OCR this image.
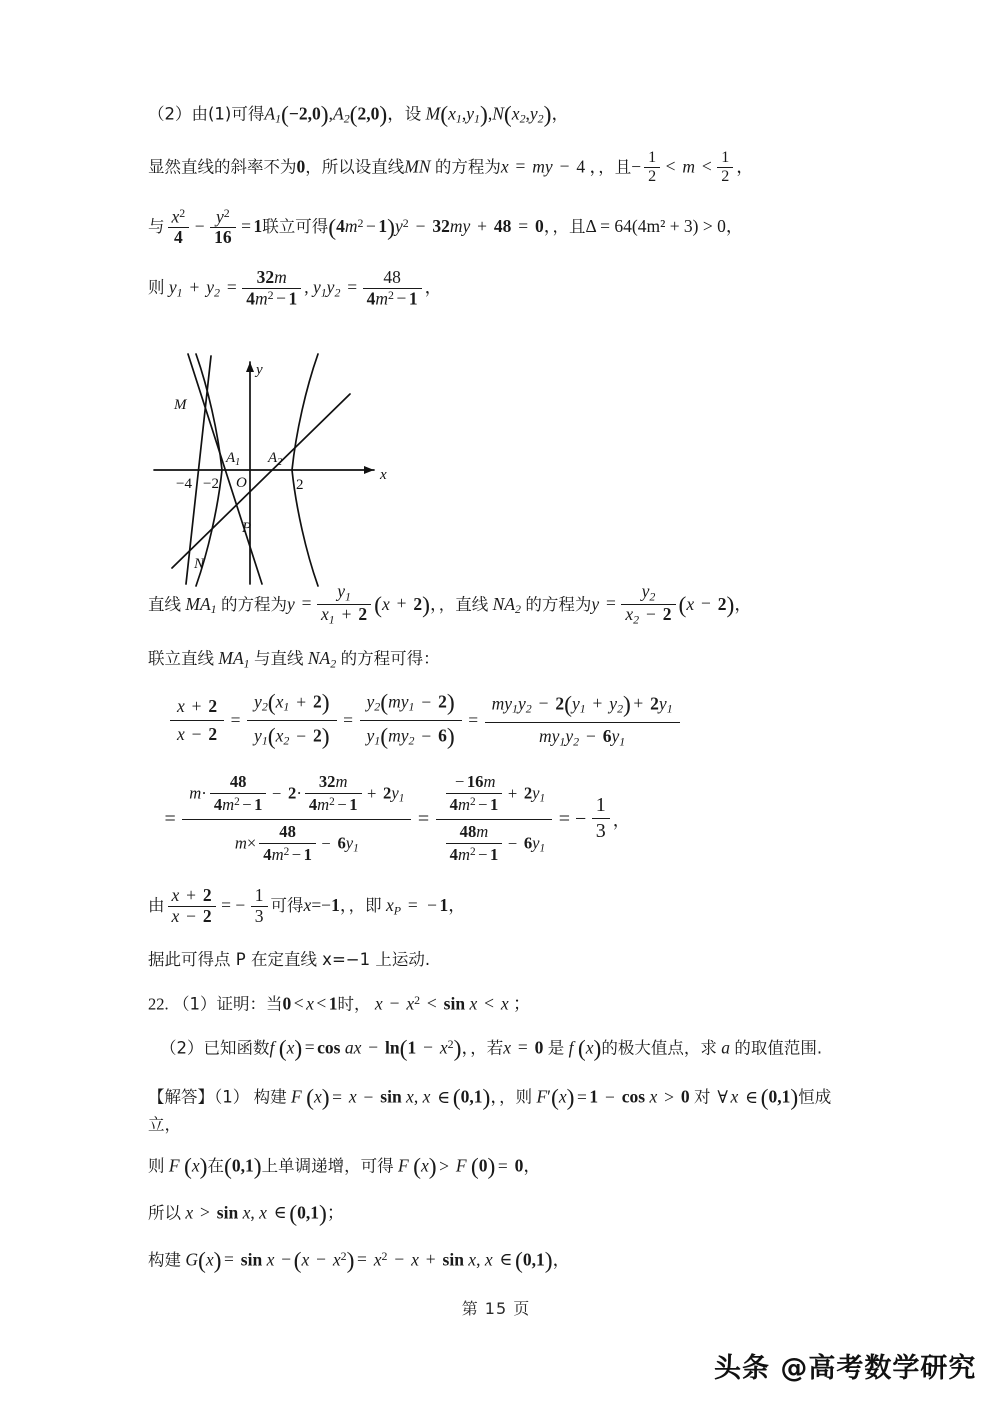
（2）由(1)可得$A_1(-2,0),A_2(2,0)$，设 $M(x_1,y_1),N(x_2,y_2)$，
显然直线的斜率不为0，所以设直线MN 的方程为x = my − 4 ，，且− $\frac{1}{2} < m < \frac{1}{2}$ ，
与 $\frac{x^2}{4} - \frac{y^2}{16} = 1$联立可得$(4m^2 - 1)y^2 - 32my + 48 = 0$，，且Δ = 64(4m² + 3) > 0，
则 $y_1 + y_2 = \frac{32m}{4m^2 - 1}$ , $y_1y_2 = \frac{48}{4m^2 - 1}$ ，
直线 $MA_1$ 的方程为$y = \frac{y_1}{x_1 + 2} (x + 2)$，，直线 $NA_2$ 的方程为$y = \frac{y_2}{x_2 - 2} (x - 2)$，
联立直线 $MA_1$ 与直线 $NA_2$ 的方程可得：
$\frac{x + 2}{x - 2} = \frac{y_2(x_1 + 2)}{y_1(x_2 - 2)} = \frac{y_2(my_1 - 2)}{y_1(my_2 - 6)} = \frac{my_1y_2 - 2(y_1 + y_2) + 2y_1}{my_1y_2 - 6y_1}$
= $\frac{m\cdot \frac{48}{4m^2 - 1} - 2\cdot \frac{32m}{4m^2 - 1} + 2y_1}{m\times \frac{48}{4m^2 - 1} - 6y_1} = \frac{\frac{- 16m}{4m^2 - 1} + 2y_1}{\frac{48m}{4m^2 - 1} - 6y_1}$ = − $\frac{1}{3}$ ，
由 $\frac{x + 2}{x - 2}$ = − $\frac{1}{3}$ 可得x=−1，，即 $x_P$ = − 1，
据此可得点 P 在定直线 x=−1 上运动.
22. （1）证明：当0 < x < 1时， $x - x^2 < \sin x < x$ ；
（2）已知函数f (x) = cos ax − $\ln(1 - x^2)$，，若x = 0 是 f (x)的极大值点，求 a 的取值范围.
【解答】（1） 构建 F (x) = x − sin x, x ∈ (0,1)，，则 F′(x) = 1 − cos x > 0 对 ∀ x ∈ (0,1)恒成
立，
则 F (x)在(0,1)上单调递增，可得 F (x) > F (0) = 0，
所以 x > sin x, x ∈ (0,1)；
构建 $G(x) = \sin x - (x - x^2) = x^2 - x + \sin x$, x ∈ (0,1)，
y
x
O
M
N
P
−4 −2	2
$A_1$ $A_2$
第 15 页
头条 @高考数学研究
